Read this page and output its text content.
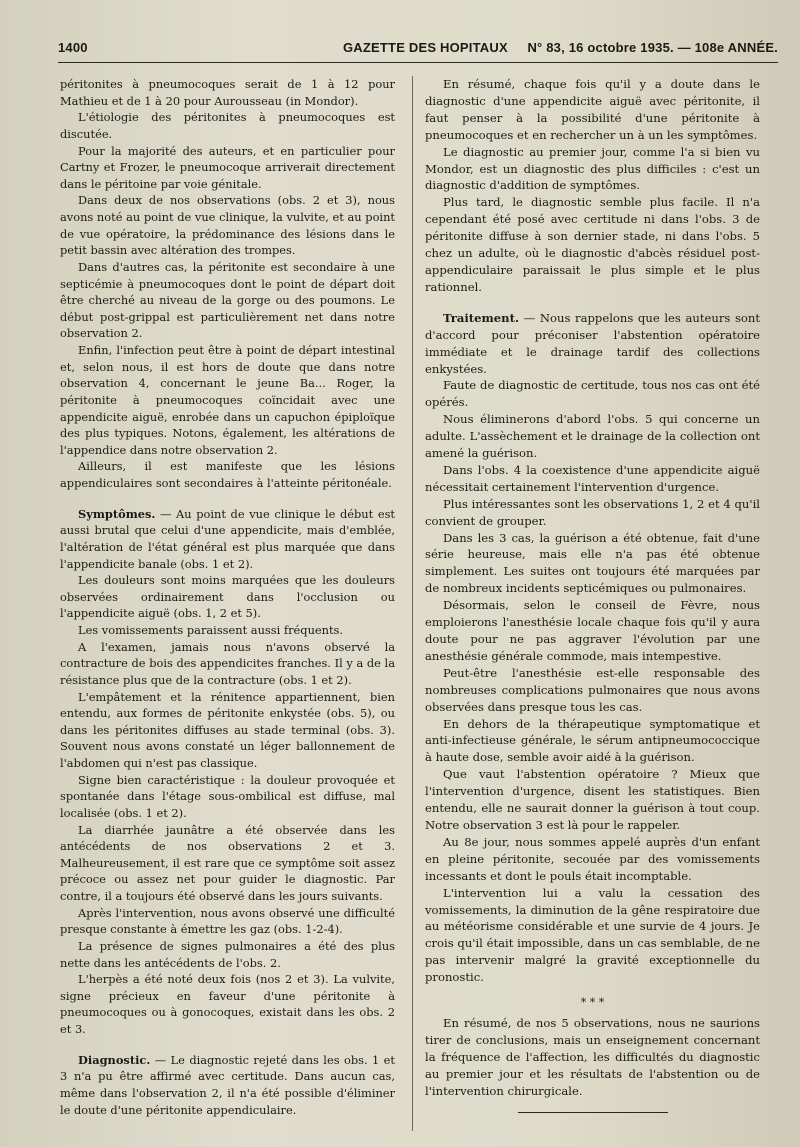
1400	GAZETTE DES HOPITAUX N° 83, 16 octobre 1935. — 108e ANNÉE.

péritonites à pneumocoques serait de 1 à 12 pour Mathieu et de 1 à 20 pour Aurousseau (in Mondor).

L'étiologie des péritonites à pneumocoques est discutée.

Pour la majorité des auteurs, et en particulier pour Cartny et Frozer, le pneumocoque arriverait directement dans le péritoine par voie génitale.

Dans deux de nos observations (obs. 2 et 3), nous avons noté au point de vue clinique, la vulvite, et au point de vue opératoire, la prédominance des lésions dans le petit bassin avec altération des trompes.

Dans d'autres cas, la péritonite est secondaire à une septicémie à pneumocoques dont le point de départ doit être cherché au niveau de la gorge ou des poumons. Le début post-grippal est particulièrement net dans notre observation 2.

Enfin, l'infection peut être à point de départ intestinal et, selon nous, il est hors de doute que dans notre observation 4, concernant le jeune Ba... Roger, la péritonite à pneumocoques coïncidait avec une appendicite aiguë, enrobée dans un capuchon épiploïque des plus typiques. Notons, également, les altérations de l'appendice dans notre observation 2.

Ailleurs, il est manifeste que les lésions appendiculaires sont secondaires à l'atteinte péritonéale.

Symptômes. — Au point de vue clinique le début est aussi brutal que celui d'une appendicite, mais d'emblée, l'altération de l'état général est plus marquée que dans l'appendicite banale (obs. 1 et 2).

Les douleurs sont moins marquées que les douleurs observées ordinairement dans l'occlusion ou l'appendicite aiguë (obs. 1, 2 et 5).

Les vomissements paraissent aussi fréquents.

A l'examen, jamais nous n'avons observé la contracture de bois des appendicites franches. Il y a de la résistance plus que de la contracture (obs. 1 et 2).

L'empâtement et la rénitence appartiennent, bien entendu, aux formes de péritonite enkystée (obs. 5), ou dans les péritonites diffuses au stade terminal (obs. 3). Souvent nous avons constaté un léger ballonnement de l'abdomen qui n'est pas classique.

Signe bien caractéristique : la douleur provoquée et spontanée dans l'étage sous-ombilical est diffuse, mal localisée (obs. 1 et 2).

La diarrhée jaunâtre a été observée dans les antécédents de nos observations 2 et 3. Malheureusement, il est rare que ce symptôme soit assez précoce ou assez net pour guider le diagnostic. Par contre, il a toujours été observé dans les jours suivants.

Après l'intervention, nous avons observé une difficulté presque constante à émettre les gaz (obs. 1-2-4).

La présence de signes pulmonaires a été des plus nette dans les antécédents de l'obs. 2.

L'herpès a été noté deux fois (nos 2 et 3). La vulvite, signe précieux en faveur d'une péritonite à pneumocoques ou à gonocoques, existait dans les obs. 2 et 3.

Diagnostic. — Le diagnostic rejeté dans les obs. 1 et 3 n'a pu être affirmé avec certitude. Dans aucun cas, même dans l'observation 2, il n'a été possible d'éliminer le doute d'une péritonite appendiculaire.

En résumé, chaque fois qu'il y a doute dans le diagnostic d'une appendicite aiguë avec péritonite, il faut penser à la possibilité d'une péritonite à pneumocoques et en rechercher un à un les symptômes.

Le diagnostic au premier jour, comme l'a si bien vu Mondor, est un diagnostic des plus difficiles : c'est un diagnostic d'addition de symptômes.

Plus tard, le diagnostic semble plus facile. Il n'a cependant été posé avec certitude ni dans l'obs. 3 de péritonite diffuse à son dernier stade, ni dans l'obs. 5 chez un adulte, où le diagnostic d'abcès résiduel post-appendiculaire paraissait le plus simple et le plus rationnel.

Traitement. — Nous rappelons que les auteurs sont d'accord pour préconiser l'abstention opératoire immédiate et le drainage tardif des collections enkystées.

Faute de diagnostic de certitude, tous nos cas ont été opérés.

Nous éliminerons d'abord l'obs. 5 qui concerne un adulte. L'assèchement et le drainage de la collection ont amené la guérison.

Dans l'obs. 4 la coexistence d'une appendicite aiguë nécessitait certainement l'intervention d'urgence.

Plus intéressantes sont les observations 1, 2 et 4 qu'il convient de grouper.

Dans les 3 cas, la guérison a été obtenue, fait d'une série heureuse, mais elle n'a pas été obtenue simplement. Les suites ont toujours été marquées par de nombreux incidents septicémiques ou pulmonaires.

Désormais, selon le conseil de Fèvre, nous emploierons l'anesthésie locale chaque fois qu'il y aura doute pour ne pas aggraver l'évolution par une anesthésie générale commode, mais intempestive.

Peut-être l'anesthésie est-elle responsable des nombreuses complications pulmonaires que nous avons observées dans presque tous les cas.

En dehors de la thérapeutique symptomatique et anti-infectieuse générale, le sérum antipneumococcique à haute dose, semble avoir aidé à la guérison.

Que vaut l'abstention opératoire ? Mieux que l'intervention d'urgence, disent les statistiques. Bien entendu, elle ne saurait donner la guérison à tout coup. Notre observation 3 est là pour le rappeler.

Au 8e jour, nous sommes appelé auprès d'un enfant en pleine péritonite, secouée par des vomissements incessants et dont le pouls était incomptable.

L'intervention lui a valu la cessation des vomissements, la diminution de la gêne respiratoire due au météorisme considérable et une survie de 4 jours. Je crois qu'il était impossible, dans un cas semblable, de ne pas intervenir malgré la gravité exceptionnelle du pronostic.

* * *

En résumé, de nos 5 observations, nous ne saurions tirer de conclusions, mais un enseignement concernant la fréquence de l'affection, les difficultés du diagnostic au premier jour et les résultats de l'abstention ou de l'intervention chirurgicale.
